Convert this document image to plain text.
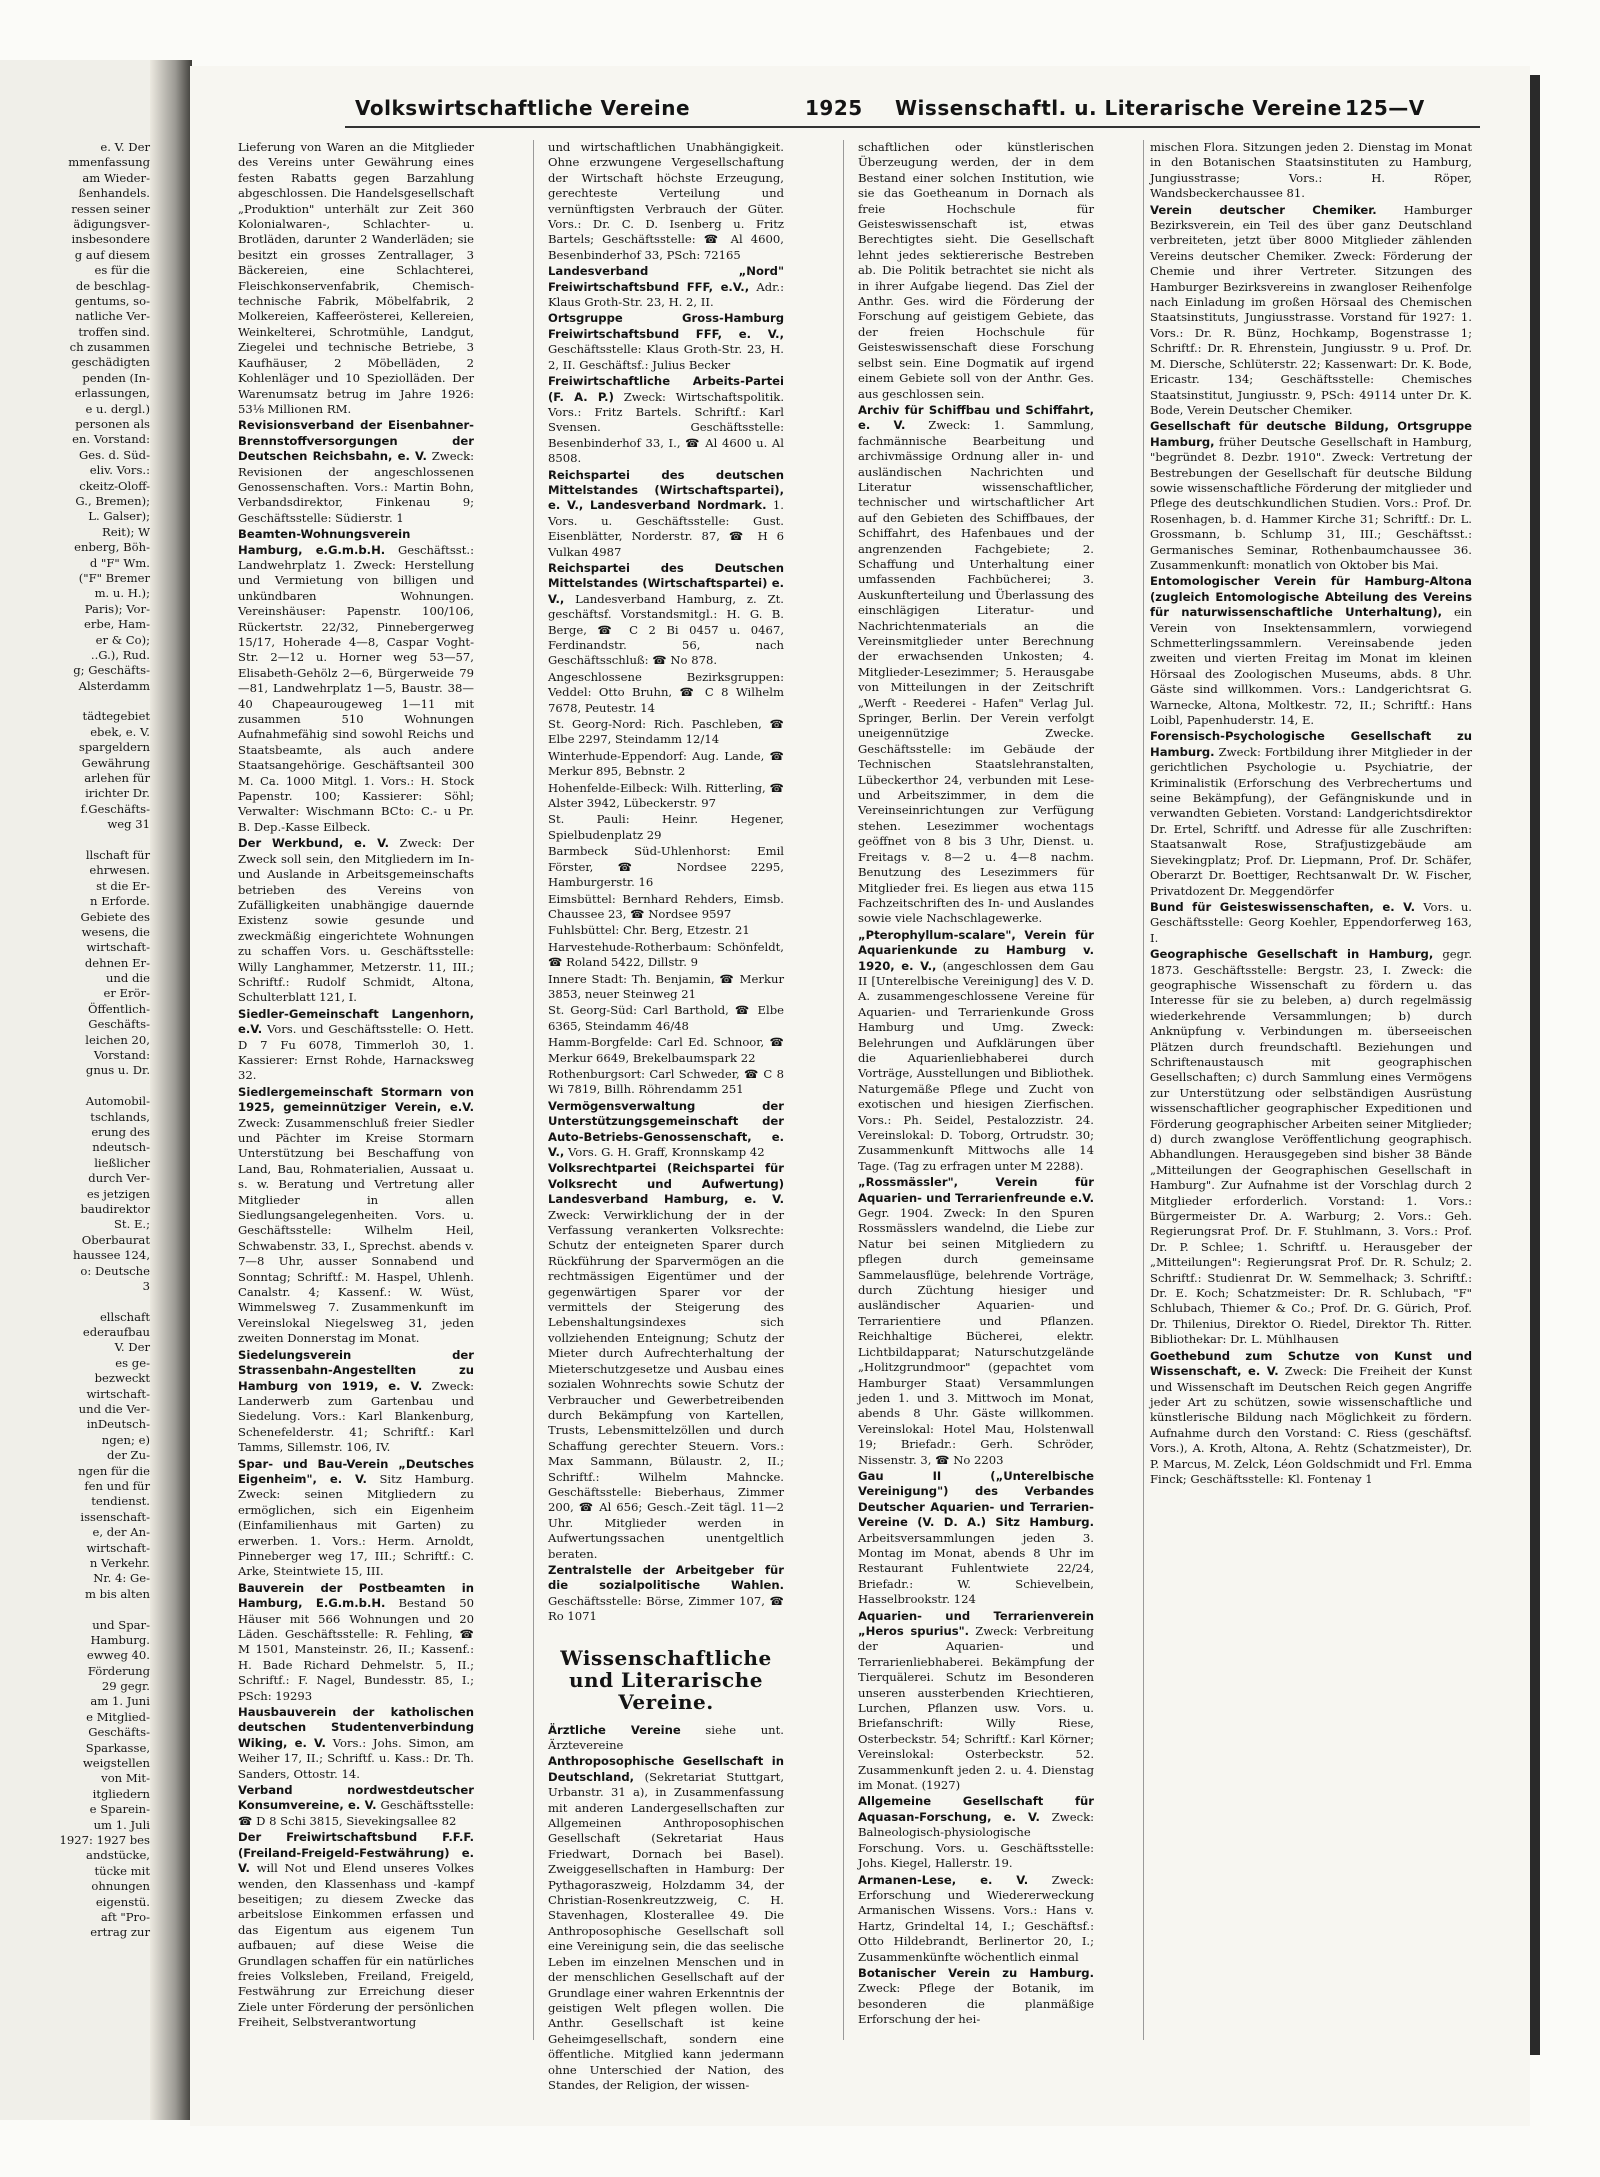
Volkswirtschaftliche Vereine	1925 Wissenschaftl. u. Literarische Vereine 125—V
e. V. Der
mmenfassung
am Wieder-
ßenhandels.
ressen seiner
ädigungsver-
insbesondere
g auf diesem
es für die
de beschlag-
gentums, so-
natliche Ver-
troffen sind.
ch zusammen
geschädigten
penden (In-
erlassungen,
e u. dergl.)
personen als
en. Vorstand:
Ges. d. Süd-
eliv. Vors.:
ckeitz-Oloff-
G., Bremen);
L. Galser);
Reit); W
enberg, Böh-
d "F" Wm.
("F" Bremer
m. u. H.);
Paris); Vor-
erbe, Ham-
er & Co);
..G.), Rud.
g; Geschäfts-
Alsterdamm
tädtegebiet
ebek, e. V.
spargeldern
Gewährung
arlehen für
irichter Dr.
f.Geschäfts-
weg 31
llschaft für
ehrwesen.
st die Er-
n Erforde.
Gebiete des
wesens, die
wirtschaft-
dehnen Er-
und die
er Erör-
Öffentlich-
Geschäfts-
leichen 20,
Vorstand:
gnus u. Dr.
Automobil-
tschlands,
erung des
ndeutsch-
ließlicher
durch Ver-
es jetzigen
baudirektor
St. E.;
Oberbaurat
haussee 124,
o: Deutsche
3
ellschaft
ederaufbau
V. Der
es ge-
bezweckt
wirtschaft-
und die Ver-
inDeutsch-
ngen; e)
der Zu-
ngen für die
fen und für
tendienst.
issenschaft-
e, der An-
wirtschaft-
n Verkehr.
Nr. 4: Ge-
m bis alten
und Spar-
Hamburg.
ewweg 40.
Förderung
29 gegr.
am 1. Juni
e Mitglied-
Geschäfts-
Sparkasse,
weigstellen
von Mit-
itgliedern
e Sparein-
um 1. Juli
1927: 1927 bes
andstücke,
tücke mit
ohnungen
eigenstü.
aft "Pro-
ertrag zur

Lieferung von Waren an die Mitglieder des Vereins unter Gewährung eines festen Rabatts gegen Barzahlung abgeschlossen. Die Handelsgesellschaft „Produktion" unterhält zur Zeit 360 Kolonialwaren-, Schlachter- u. Brotläden, darunter 2 Wanderläden; sie besitzt ein grosses Zentrallager, 3 Bäckereien, eine Schlachterei, Fleischkonservenfabrik, Chemisch-technische Fabrik, Möbelfabrik, 2 Molkereien, Kaffeerösterei, Kellereien, Weinkelterei, Schrotmühle, Landgut, Ziegelei und technische Betriebe, 3 Kaufhäuser, 2 Möbelläden, 2 Kohlenläger und 10 Speziolläden. Der Warenumsatz betrug im Jahre 1926: 53⅛ Millionen RM.

Revisionsverband der Eisenbahner-Brennstoffversorgungen der Deutschen Reichsbahn, e. V. Zweck: Revisionen der angeschlossenen Genossenschaften. Vors.: Martin Bohn, Verbandsdirektor, Finkenau 9; Geschäftsstelle: Südierstr. 1

Beamten-Wohnungsverein Hamburg, e.G.m.b.H. Geschäftsst.: Landwehrplatz 1. Zweck: Herstellung und Vermietung von billigen und unkündbaren Wohnungen. Vereinshäuser: Papenstr. 100/106, Rückertstr. 22/32, Pinnebergerweg 15/17, Hoherade 4—8, Caspar Voght-Str. 2—12 u. Horner weg 53—57, Elisabeth-Gehölz 2—6, Bürgerweide 79—81, Landwehrplatz 1—5, Baustr. 38—40 Chapeaurougeweg 1—11 mit zusammen 510 Wohnungen Aufnahmefähig sind sowohl Reichs und Staatsbeamte, als auch andere Staatsangehörige. Geschäftsanteil 300 M. Ca. 1000 Mitgl. 1. Vors.: H. Stock Papenstr. 100; Kassierer: Söhl; Verwalter: Wischmann BCto: C.- u Pr. B. Dep.-Kasse Eilbeck.

Der Werkbund, e. V. Zweck: Der Zweck soll sein, den Mitgliedern im In- und Auslande in Arbeitsgemeinschafts betrieben des Vereins von Zufälligkeiten unabhängige dauernde Existenz sowie gesunde und zweckmäßig eingerichtete Wohnungen zu schaffen Vors. u. Geschäftsstelle: Willy Langhammer, Metzerstr. 11, III.; Schriftf.: Rudolf Schmidt, Altona, Schulterblatt 121, I.

Siedler-Gemeinschaft Langenhorn, e.V. Vors. und Geschäftsstelle: O. Hett. D 7 Fu 6078, Timmerloh 30, 1. Kassierer: Ernst Rohde, Harnacksweg 32.

Siedlergemeinschaft Stormarn von 1925, gemeinnütziger Verein, e.V. Zweck: Zusammenschluß freier Siedler und Pächter im Kreise Stormarn Unterstützung bei Beschaffung von Land, Bau, Rohmaterialien, Aussaat u. s. w. Beratung und Vertretung aller Mitglieder in allen Siedlungsangelegenheiten. Vors. u. Geschäftsstelle: Wilhelm Heil, Schwabenstr. 33, I., Sprechst. abends v. 7—8 Uhr, ausser Sonnabend und Sonntag; Schriftf.: M. Haspel, Uhlenh. Canalstr. 4; Kassenf.: W. Wüst, Wimmelsweg 7. Zusammenkunft im Vereinslokal Niegelsweg 31, jeden zweiten Donnerstag im Monat.

Siedelungsverein der Strassenbahn-Angestellten zu Hamburg von 1919, e. V. Zweck: Landerwerb zum Gartenbau und Siedelung. Vors.: Karl Blankenburg, Schenefelderstr. 41; Schriftf.: Karl Tamms, Sillemstr. 106, IV.

Spar- und Bau-Verein „Deutsches Eigenheim", e. V. Sitz Hamburg. Zweck: seinen Mitgliedern zu ermöglichen, sich ein Eigenheim (Einfamilienhaus mit Garten) zu erwerben. 1. Vors.: Herm. Arnoldt, Pinneberger weg 17, III.; Schriftf.: C. Arke, Steintwiete 15, III.

Bauverein der Postbeamten in Hamburg, E.G.m.b.H. Bestand 50 Häuser mit 566 Wohnungen und 20 Läden. Geschäftsstelle: R. Fehling, ☎ M 1501, Mansteinstr. 26, II.; Kassenf.: H. Bade Richard Dehmelstr. 5, II.; Schriftf.: F. Nagel, Bundesstr. 85, I.; PSch: 19293

Hausbauverein der katholischen deutschen Studentenverbindung Wiking, e. V. Vors.: Johs. Simon, am Weiher 17, II.; Schriftf. u. Kass.: Dr. Th. Sanders, Ottostr. 14.

Verband nordwestdeutscher Konsumvereine, e. V. Geschäftsstelle: ☎ D 8 Schi 3815, Sievekingsallee 82

Der Freiwirtschaftsbund F.F.F. (Freiland-Freigeld-Festwährung) e. V. will Not und Elend unseres Volkes wenden, den Klassenhass und -kampf beseitigen; zu diesem Zwecke das arbeitslose Einkommen erfassen und das Eigentum aus eigenem Tun aufbauen; auf diese Weise die Grundlagen schaffen für ein natürliches freies Volksleben, Freiland, Freigeld, Festwährung zur Erreichung dieser Ziele unter Förderung der persönlichen Freiheit, Selbstverantwortung

und wirtschaftlichen Unabhängigkeit. Ohne erzwungene Vergesellschaftung der Wirtschaft höchste Erzeugung, gerechteste Verteilung und vernünftigsten Verbrauch der Güter. Vors.: Dr. C. D. Isenberg u. Fritz Bartels; Geschäftsstelle: ☎ Al 4600, Besenbinderhof 33, PSch: 72165

Landesverband „Nord" Freiwirtschaftsbund FFF, e.V., Adr.: Klaus Groth-Str. 23, H. 2, II.

Ortsgruppe Gross-Hamburg Freiwirtschaftsbund FFF, e. V., Geschäftsstelle: Klaus Groth-Str. 23, H. 2, II. Geschäftsf.: Julius Becker

Freiwirtschaftliche Arbeits-Partei (F. A. P.) Zweck: Wirtschaftspolitik. Vors.: Fritz Bartels. Schriftf.: Karl Svensen. Geschäftsstelle: Besenbinderhof 33, I., ☎ Al 4600 u. Al 8508.

Reichspartei des deutschen Mittelstandes (Wirtschaftspartei), e. V., Landesverband Nordmark. 1. Vors. u. Geschäftsstelle: Gust. Eisenblätter, Norderstr. 87, ☎ H 6 Vulkan 4987

Reichspartei des Deutschen Mittelstandes (Wirtschaftspartei) e. V., Landesverband Hamburg, z. Zt. geschäftsf. Vorstandsmitgl.: H. G. B. Berge, ☎ C 2 Bi 0457 u. 0467, Ferdinandstr. 56, nach Geschäftsschluß: ☎ No 878.

Angeschlossene Bezirksgruppen: Veddel: Otto Bruhn, ☎ C 8 Wilhelm 7678, Peutestr. 14

St. Georg-Nord: Rich. Paschleben, ☎ Elbe 2297, Steindamm 12/14

Winterhude-Eppendorf: Aug. Lande, ☎ Merkur 895, Bebnstr. 2

Hohenfelde-Eilbeck: Wilh. Ritterling, ☎ Alster 3942, Lübeckerstr. 97

St. Pauli: Heinr. Hegener, Spielbudenplatz 29

Barmbeck Süd-Uhlenhorst: Emil Förster, ☎ Nordsee 2295, Hamburgerstr. 16

Eimsbüttel: Bernhard Rehders, Eimsb. Chaussee 23, ☎ Nordsee 9597

Fuhlsbüttel: Chr. Berg, Etzestr. 21

Harvestehude-Rotherbaum: Schönfeldt, ☎ Roland 5422, Dillstr. 9

Innere Stadt: Th. Benjamin, ☎ Merkur 3853, neuer Steinweg 21

St. Georg-Süd: Carl Barthold, ☎ Elbe 6365, Steindamm 46/48

Hamm-Borgfelde: Carl Ed. Schnoor, ☎ Merkur 6649, Brekelbaumspark 22

Rothenburgsort: Carl Schweder, ☎ C 8 Wi 7819, Billh. Röhrendamm 251

Vermögensverwaltung der Unterstützungsgemeinschaft der Auto-Betriebs-Genossenschaft, e. V., Vors. G. H. Graff, Kronnskamp 42

Volksrechtpartei (Reichspartei für Volksrecht und Aufwertung) Landesverband Hamburg, e. V. Zweck: Verwirklichung der in der Verfassung verankerten Volksrechte: Schutz der enteigneten Sparer durch Rückführung der Sparvermögen an die rechtmässigen Eigentümer und der gegenwärtigen Sparer vor der vermittels der Steigerung des Lebenshaltungsindexes sich vollziehenden Enteignung; Schutz der Mieter durch Aufrechterhaltung der Mieterschutzgesetze und Ausbau eines sozialen Wohnrechts sowie Schutz der Verbraucher und Gewerbetreibenden durch Bekämpfung von Kartellen, Trusts, Lebensmittelzöllen und durch Schaffung gerechter Steuern. Vors.: Max Sammann, Bülaustr. 2, II.; Schriftf.: Wilhelm Mahncke. Geschäftsstelle: Bieberhaus, Zimmer 200, ☎ Al 656; Gesch.-Zeit tägl. 11—2 Uhr. Mitglieder werden in Aufwertungssachen unentgeltlich beraten.

Zentralstelle der Arbeitgeber für die sozialpolitische Wahlen. Geschäftsstelle: Börse, Zimmer 107, ☎ Ro 1071

Wissenschaftliche und Literarische Vereine.

Ärztliche Vereine siehe unt. Ärztevereine

Anthroposophische Gesellschaft in Deutschland, (Sekretariat Stuttgart, Urbanstr. 31 a), in Zusammenfassung mit anderen Landergesellschaften zur Allgemeinen Anthroposophischen Gesellschaft (Sekretariat Haus Friedwart, Dornach bei Basel). Zweiggesellschaften in Hamburg: Der Pythagoraszweig, Holzdamm 34, der Christian-Rosenkreutzzweig, C. H. Stavenhagen, Klosterallee 49. Die Anthroposophische Gesellschaft soll eine Vereinigung sein, die das seelische Leben im einzelnen Menschen und in der menschlichen Gesellschaft auf der Grundlage einer wahren Erkenntnis der geistigen Welt pflegen wollen. Die Anthr. Gesellschaft ist keine Geheimgesellschaft, sondern eine öffentliche. Mitglied kann jedermann ohne Unterschied der Nation, des Standes, der Religion, der wissen-

schaftlichen oder künstlerischen Überzeugung werden, der in dem Bestand einer solchen Institution, wie sie das Goetheanum in Dornach als freie Hochschule für Geisteswissenschaft ist, etwas Berechtigtes sieht. Die Gesellschaft lehnt jedes sektiererische Bestreben ab. Die Politik betrachtet sie nicht als in ihrer Aufgabe liegend. Das Ziel der Anthr. Ges. wird die Förderung der Forschung auf geistigem Gebiete, das der freien Hochschule für Geisteswissenschaft diese Forschung selbst sein. Eine Dogmatik auf irgend einem Gebiete soll von der Anthr. Ges. aus geschlossen sein.

Archiv für Schiffbau und Schiffahrt, e. V. Zweck: 1. Sammlung, fachmännische Bearbeitung und archivmässige Ordnung aller in- und ausländischen Nachrichten und Literatur wissenschaftlicher, technischer und wirtschaftlicher Art auf den Gebieten des Schiffbaues, der Schiffahrt, des Hafenbaues und der angrenzenden Fachgebiete; 2. Schaffung und Unterhaltung einer umfassenden Fachbücherei; 3. Auskunfterteilung und Überlassung des einschlägigen Literatur- und Nachrichtenmaterials an die Vereinsmitglieder unter Berechnung der erwachsenden Unkosten; 4. Mitglieder-Lesezimmer; 5. Herausgabe von Mitteilungen in der Zeitschrift „Werft - Reederei - Hafen" Verlag Jul. Springer, Berlin. Der Verein verfolgt uneigennützige Zwecke. Geschäftsstelle: im Gebäude der Technischen Staatslehranstalten, Lübeckerthor 24, verbunden mit Lese- und Arbeitszimmer, in dem die Vereinseinrichtungen zur Verfügung stehen. Lesezimmer wochentags geöffnet von 8 bis 3 Uhr, Dienst. u. Freitags v. 8—2 u. 4—8 nachm. Benutzung des Lesezimmers für Mitglieder frei. Es liegen aus etwa 115 Fachzeitschriften des In- und Auslandes sowie viele Nachschlagewerke.

„Pterophyllum-scalare", Verein für Aquarienkunde zu Hamburg v. 1920, e. V., (angeschlossen dem Gau II [Unterelbische Vereinigung] des V. D. A. zusammengeschlossene Vereine für Aquarien- und Terrarienkunde Gross Hamburg und Umg. Zweck: Belehrungen und Aufklärungen über die Aquarienliebhaberei durch Vorträge, Ausstellungen und Bibliothek. Naturgemäße Pflege und Zucht von exotischen und hiesigen Zierfischen. Vors.: Ph. Seidel, Pestalozzistr. 24. Vereinslokal: D. Toborg, Ortrudstr. 30; Zusammenkunft Mittwochs alle 14 Tage. (Tag zu erfragen unter M 2288).

„Rossmässler", Verein für Aquarien- und Terrarienfreunde e.V. Gegr. 1904. Zweck: In den Spuren Rossmässlers wandelnd, die Liebe zur Natur bei seinen Mitgliedern zu pflegen durch gemeinsame Sammelausflüge, belehrende Vorträge, durch Züchtung hiesiger und ausländischer Aquarien- und Terrarientiere und Pflanzen. Reichhaltige Bücherei, elektr. Lichtbildapparat; Naturschutzgelände „Holitzgrundmoor" (gepachtet vom Hamburger Staat) Versammlungen jeden 1. und 3. Mittwoch im Monat, abends 8 Uhr. Gäste willkommen. Vereinslokal: Hotel Mau, Holstenwall 19; Briefadr.: Gerh. Schröder, Nissenstr. 3, ☎ No 2203

Gau II („Unterelbische Vereinigung") des Verbandes Deutscher Aquarien- und Terrarien-Vereine (V. D. A.) Sitz Hamburg. Arbeitsversammlungen jeden 3. Montag im Monat, abends 8 Uhr im Restaurant Fuhlentwiete 22/24, Briefadr.: W. Schievelbein, Hasselbrookstr. 124

Aquarien- und Terrarienverein „Heros spurius". Zweck: Verbreitung der Aquarien- und Terrarienliebhaberei. Bekämpfung der Tierquälerei. Schutz im Besonderen unseren aussterbenden Kriechtieren, Lurchen, Pflanzen usw. Vors. u. Briefanschrift: Willy Riese, Osterbeckstr. 54; Schriftf.: Karl Körner; Vereinslokal: Osterbeckstr. 52. Zusammenkunft jeden 2. u. 4. Dienstag im Monat. (1927)

Allgemeine Gesellschaft für Aquasan-Forschung, e. V. Zweck: Balneologisch-physiologische Forschung. Vors. u. Geschäftsstelle: Johs. Kiegel, Hallerstr. 19.

Armanen-Lese, e. V. Zweck: Erforschung und Wiedererweckung Armanischen Wissens. Vors.: Hans v. Hartz, Grindeltal 14, I.; Geschäftsf.: Otto Hildebrandt, Berlinertor 20, I.; Zusammenkünfte wöchentlich einmal

Botanischer Verein zu Hamburg. Zweck: Pflege der Botanik, im besonderen die planmäßige Erforschung der hei-

mischen Flora. Sitzungen jeden 2. Dienstag im Monat in den Botanischen Staatsinstituten zu Hamburg, Jungiusstrasse; Vors.: H. Röper, Wandsbeckerchaussee 81.

Verein deutscher Chemiker. Hamburger Bezirksverein, ein Teil des über ganz Deutschland verbreiteten, jetzt über 8000 Mitglieder zählenden Vereins deutscher Chemiker. Zweck: Förderung der Chemie und ihrer Vertreter. Sitzungen des Hamburger Bezirksvereins in zwangloser Reihenfolge nach Einladung im großen Hörsaal des Chemischen Staatsinstituts, Jungiusstrasse. Vorstand für 1927: 1. Vors.: Dr. R. Bünz, Hochkamp, Bogenstrasse 1; Schriftf.: Dr. R. Ehrenstein, Jungiusstr. 9 u. Prof. Dr. M. Diersche, Schlüterstr. 22; Kassenwart: Dr. K. Bode, Ericastr. 134; Geschäftsstelle: Chemisches Staatsinstitut, Jungiusstr. 9, PSch: 49114 unter Dr. K. Bode, Verein Deutscher Chemiker.

Gesellschaft für deutsche Bildung, Ortsgruppe Hamburg, früher Deutsche Gesellschaft in Hamburg, "begründet 8. Dezbr. 1910". Zweck: Vertretung der Bestrebungen der Gesellschaft für deutsche Bildung sowie wissenschaftliche Förderung der mitglieder und Pflege des deutschkundlichen Studien. Vors.: Prof. Dr. Rosenhagen, b. d. Hammer Kirche 31; Schriftf.: Dr. L. Grossmann, b. Schlump 31, III.; Geschäftsst.: Germanisches Seminar, Rothenbaumchaussee 36. Zusammenkunft: monatlich von Oktober bis Mai.

Entomologischer Verein für Hamburg-Altona (zugleich Entomologische Abteilung des Vereins für naturwissenschaftliche Unterhaltung), ein Verein von Insektensammlern, vorwiegend Schmetterlingssammlern. Vereinsabende jeden zweiten und vierten Freitag im Monat im kleinen Hörsaal des Zoologischen Museums, abds. 8 Uhr. Gäste sind willkommen. Vors.: Landgerichtsrat G. Warnecke, Altona, Moltkestr. 72, II.; Schriftf.: Hans Loibl, Papenhuderstr. 14, E.

Forensisch-Psychologische Gesellschaft zu Hamburg. Zweck: Fortbildung ihrer Mitglieder in der gerichtlichen Psychologie u. Psychiatrie, der Kriminalistik (Erforschung des Verbrechertums und seine Bekämpfung), der Gefängniskunde und in verwandten Gebieten. Vorstand: Landgerichtsdirektor Dr. Ertel, Schriftf. und Adresse für alle Zuschriften: Staatsanwalt Rose, Strafjustizgebäude am Sievekingplatz; Prof. Dr. Liepmann, Prof. Dr. Schäfer, Oberarzt Dr. Boettiger, Rechtsanwalt Dr. W. Fischer, Privatdozent Dr. Meggendörfer

Bund für Geisteswissenschaften, e. V. Vors. u. Geschäftsstelle: Georg Koehler, Eppendorferweg 163, I.

Geographische Gesellschaft in Hamburg, gegr. 1873. Geschäftsstelle: Bergstr. 23, I. Zweck: die geographische Wissenschaft zu fördern u. das Interesse für sie zu beleben, a) durch regelmässig wiederkehrende Versammlungen; b) durch Anknüpfung v. Verbindungen m. überseeischen Plätzen durch freundschaftl. Beziehungen und Schriftenaustausch mit geographischen Gesellschaften; c) durch Sammlung eines Vermögens zur Unterstützung oder selbständigen Ausrüstung wissenschaftlicher geographischer Expeditionen und Förderung geographischer Arbeiten seiner Mitglieder; d) durch zwanglose Veröffentlichung geographisch. Abhandlungen. Herausgegeben sind bisher 38 Bände „Mitteilungen der Geographischen Gesellschaft in Hamburg". Zur Aufnahme ist der Vorschlag durch 2 Mitglieder erforderlich. Vorstand: 1. Vors.: Bürgermeister Dr. A. Warburg; 2. Vors.: Geh. Regierungsrat Prof. Dr. F. Stuhlmann, 3. Vors.: Prof. Dr. P. Schlee; 1. Schriftf. u. Herausgeber der „Mitteilungen": Regierungsrat Prof. Dr. R. Schulz; 2. Schriftf.: Studienrat Dr. W. Semmelhack; 3. Schriftf.: Dr. E. Koch; Schatzmeister: Dr. R. Schlubach, "F" Schlubach, Thiemer & Co.; Prof. Dr. G. Gürich, Prof. Dr. Thilenius, Direktor O. Riedel, Direktor Th. Ritter. Bibliothekar: Dr. L. Mühlhausen

Goethebund zum Schutze von Kunst und Wissenschaft, e. V. Zweck: Die Freiheit der Kunst und Wissenschaft im Deutschen Reich gegen Angriffe jeder Art zu schützen, sowie wissenschaftliche und künstlerische Bildung nach Möglichkeit zu fördern. Aufnahme durch den Vorstand: C. Riess (geschäftsf. Vors.), A. Kroth, Altona, A. Rehtz (Schatzmeister), Dr. P. Marcus, M. Zelck, Léon Goldschmidt und Frl. Emma Finck; Geschäftsstelle: Kl. Fontenay 1
